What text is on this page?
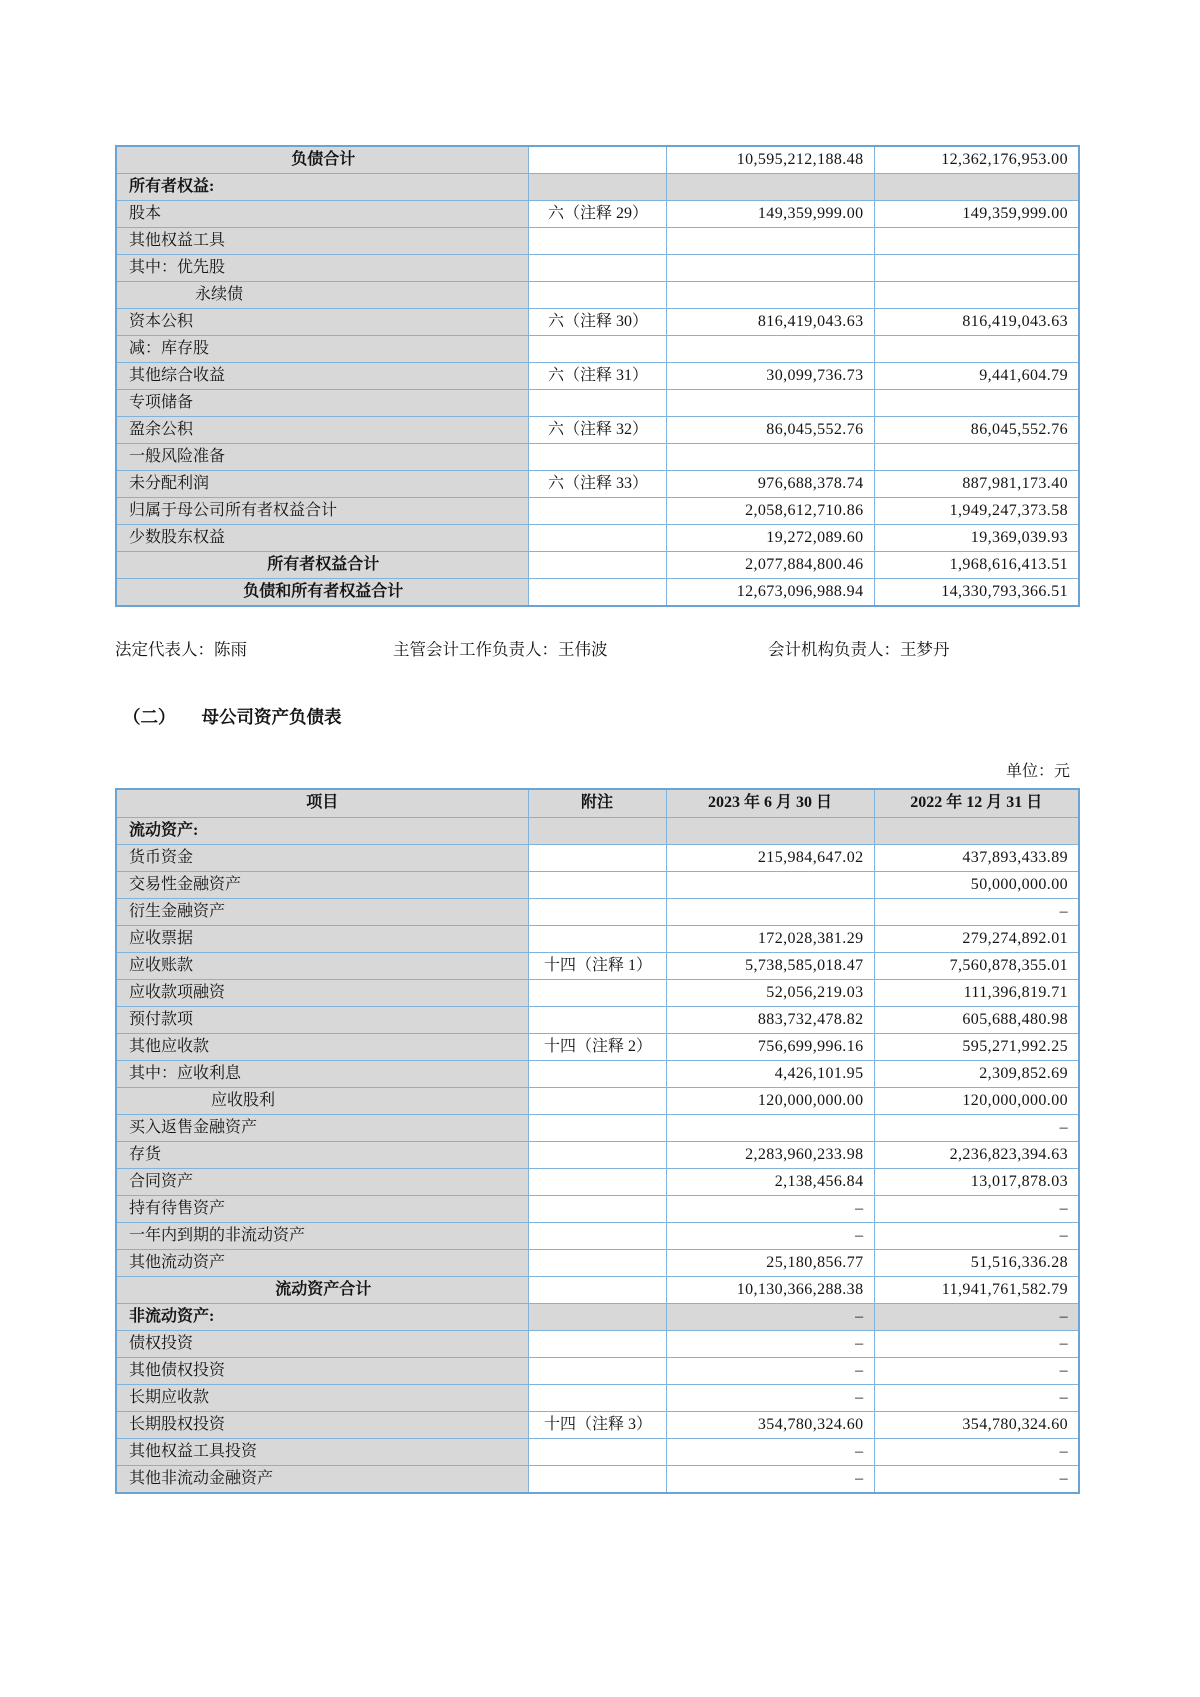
负债合计		10,595,212,188.48	12,362,176,953.00
所有者权益:			
股本	六（注释 29）	149,359,999.00	149,359,999.00
其他权益工具			
其中：优先股			
永续债			
资本公积	六（注释 30）	816,419,043.63	816,419,043.63
减：库存股			
其他综合收益	六（注释 31）	30,099,736.73	9,441,604.79
专项储备			
盈余公积	六（注释 32）	86,045,552.76	86,045,552.76
一般风险准备			
未分配利润	六（注释 33）	976,688,378.74	887,981,173.40
归属于母公司所有者权益合计		2,058,612,710.86	1,949,247,373.58
少数股东权益		19,272,089.60	19,369,039.93
所有者权益合计		2,077,884,800.46	1,968,616,413.51
负债和所有者权益合计		12,673,096,988.94	14,330,793,366.51
法定代表人：陈雨	主管会计工作负责人：王伟波	会计机构负责人：王梦丹
（二） 母公司资产负债表
单位：元
项目	附注	2023 年 6 月 30 日	2022 年 12 月 31 日
流动资产:			
货币资金		215,984,647.02	437,893,433.89
交易性金融资产			50,000,000.00
衍生金融资产			–
应收票据		172,028,381.29	279,274,892.01
应收账款	十四（注释 1）	5,738,585,018.47	7,560,878,355.01
应收款项融资		52,056,219.03	111,396,819.71
预付款项		883,732,478.82	605,688,480.98
其他应收款	十四（注释 2）	756,699,996.16	595,271,992.25
其中：应收利息		4,426,101.95	2,309,852.69
应收股利		120,000,000.00	120,000,000.00
买入返售金融资产			–
存货		2,283,960,233.98	2,236,823,394.63
合同资产		2,138,456.84	13,017,878.03
持有待售资产		–	–
一年内到期的非流动资产		–	–
其他流动资产		25,180,856.77	51,516,336.28
流动资产合计		10,130,366,288.38	11,941,761,582.79
非流动资产:		–	–
债权投资		–	–
其他债权投资		–	–
长期应收款		–	–
长期股权投资	十四（注释 3）	354,780,324.60	354,780,324.60
其他权益工具投资		–	–
其他非流动金融资产		–	–
